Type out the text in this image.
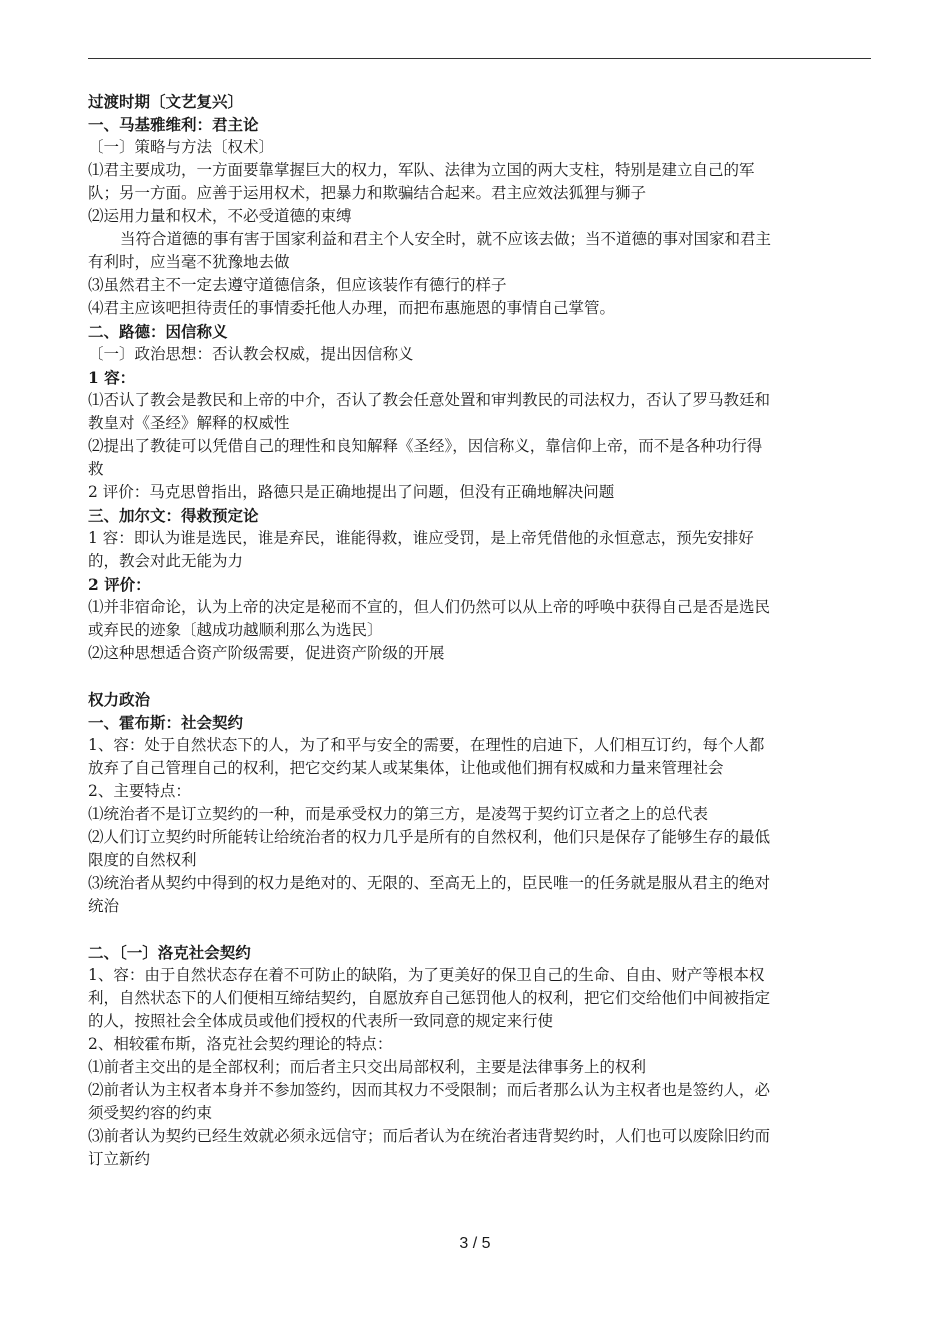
过渡时期〔文艺复兴〕
一、马基雅维利：君主论
〔一〕策略与方法〔权术〕
⑴君主要成功，一方面要靠掌握巨大的权力，军队、法律为立国的两大支柱，特别是建立自己的军
队；另一方面。应善于运用权术，把暴力和欺骗结合起来。君主应效法狐狸与狮子
⑵运用力量和权术，不必受道德的束缚
当符合道德的事有害于国家利益和君主个人安全时，就不应该去做；当不道德的事对国家和君主
有利时，应当毫不犹豫地去做
⑶虽然君主不一定去遵守道德信条，但应该装作有德行的样子
⑷君主应该吧担待责任的事情委托他人办理，而把布惠施恩的事情自己掌管。
二、路德：因信称义
〔一〕政治思想：否认教会权威，提出因信称义
1 容：
⑴否认了教会是教民和上帝的中介，否认了教会任意处置和审判教民的司法权力，否认了罗马教廷和
教皇对《圣经》解释的权威性
⑵提出了教徒可以凭借自己的理性和良知解释《圣经》，因信称义，靠信仰上帝，而不是各种功行得
救
2 评价：马克思曾指出，路德只是正确地提出了问题，但没有正确地解决问题
三、加尔文：得救预定论
1 容：即认为谁是选民，谁是弃民，谁能得救，谁应受罚，是上帝凭借他的永恒意志，预先安排好
的，教会对此无能为力
2 评价：
⑴并非宿命论，认为上帝的决定是秘而不宣的，但人们仍然可以从上帝的呼唤中获得自己是否是选民
或弃民的迹象〔越成功越顺利那么为选民〕
⑵这种思想适合资产阶级需要，促进资产阶级的开展
权力政治
一、霍布斯：社会契约
1、容：处于自然状态下的人，为了和平与安全的需要，在理性的启迪下，人们相互订约，每个人都
放弃了自己管理自己的权利，把它交约某人或某集体，让他或他们拥有权威和力量来管理社会
2、主要特点：
⑴统治者不是订立契约的一种，而是承受权力的第三方，是凌驾于契约订立者之上的总代表
⑵人们订立契约时所能转让给统治者的权力几乎是所有的自然权利，他们只是保存了能够生存的最低
限度的自然权利
⑶统治者从契约中得到的权力是绝对的、无限的、至高无上的，臣民唯一的任务就是服从君主的绝对
统治
二、〔一〕洛克社会契约
1、容：由于自然状态存在着不可防止的缺陷，为了更美好的保卫自己的生命、自由、财产等根本权
利，自然状态下的人们便相互缔结契约，自愿放弃自己惩罚他人的权利，把它们交给他们中间被指定
的人，按照社会全体成员或他们授权的代表所一致同意的规定来行使
2、相较霍布斯，洛克社会契约理论的特点：
⑴前者主交出的是全部权利；而后者主只交出局部权利，主要是法律事务上的权利
⑵前者认为主权者本身并不参加签约，因而其权力不受限制；而后者那么认为主权者也是签约人，必
须受契约容的约束
⑶前者认为契约已经生效就必须永远信守；而后者认为在统治者违背契约时，人们也可以废除旧约而
订立新约
3 / 5
